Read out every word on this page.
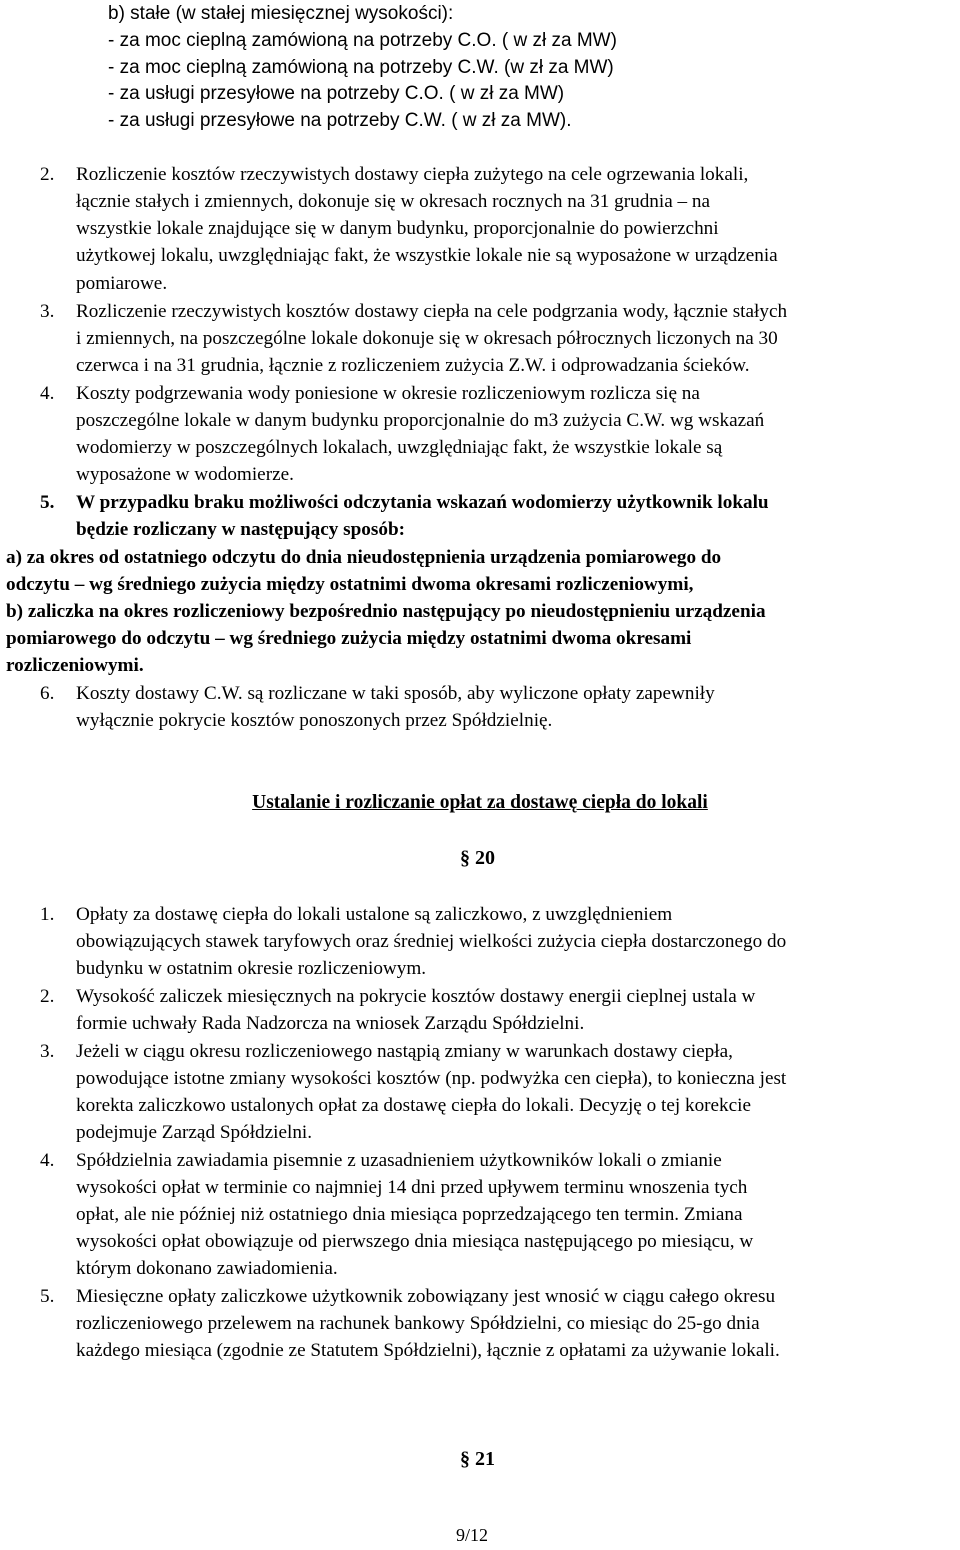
b) stałe (w stałej miesięcznej wysokości):
- za moc cieplną zamówioną na potrzeby C.O. ( w zł za MW)
- za moc cieplną zamówioną na potrzeby C.W. (w zł za MW)
- za usługi przesyłowe na potrzeby C.O. ( w zł za MW)
- za usługi przesyłowe na potrzeby C.W. ( w zł za MW).
2. Rozliczenie kosztów rzeczywistych dostawy ciepła zużytego na cele ogrzewania lokali,
łącznie stałych i zmiennych, dokonuje się w okresach rocznych na 31 grudnia – na
wszystkie lokale znajdujące się w danym budynku, proporcjonalnie do powierzchni
użytkowej lokalu, uwzględniając fakt, że wszystkie lokale nie są wyposażone w urządzenia
pomiarowe.
3. Rozliczenie rzeczywistych kosztów dostawy ciepła na cele podgrzania wody, łącznie stałych
i zmiennych, na poszczególne lokale dokonuje się w okresach półrocznych liczonych na 30
czerwca i na 31 grudnia, łącznie z rozliczeniem zużycia Z.W. i odprowadzania ścieków.
4. Koszty podgrzewania wody poniesione w okresie rozliczeniowym rozlicza się na
poszczególne lokale w danym budynku proporcjonalnie do m3 zużycia C.W. wg wskazań
wodomierzy w poszczególnych lokalach, uwzględniając fakt, że wszystkie lokale są
wyposażone w wodomierze.
5. W przypadku braku możliwości odczytania wskazań wodomierzy użytkownik lokalu
będzie rozliczany w następujący sposób:
a) za okres od ostatniego odczytu do dnia nieudostępnienia urządzenia pomiarowego do
odczytu – wg średniego zużycia między ostatnimi dwoma okresami rozliczeniowymi,
b) zaliczka na okres rozliczeniowy bezpośrednio następujący po nieudostępnieniu urządzenia
pomiarowego do odczytu – wg średniego zużycia między ostatnimi dwoma okresami
rozliczeniowymi.
6. Koszty dostawy C.W. są rozliczane w taki sposób, aby wyliczone opłaty zapewniły
wyłącznie pokrycie kosztów ponoszonych przez Spółdzielnię.
Ustalanie i rozliczanie opłat za dostawę ciepła do lokali
§ 20
1. Opłaty za dostawę ciepła do lokali ustalone są zaliczkowo, z uwzględnieniem
obowiązujących stawek taryfowych oraz średniej wielkości zużycia ciepła dostarczonego do
budynku w ostatnim okresie rozliczeniowym.
2. Wysokość zaliczek miesięcznych na pokrycie kosztów dostawy energii cieplnej ustala w
formie uchwały Rada Nadzorcza na wniosek Zarządu Spółdzielni.
3. Jeżeli w ciągu okresu rozliczeniowego nastąpią zmiany w warunkach dostawy ciepła,
powodujące istotne zmiany wysokości kosztów (np. podwyżka cen ciepła), to konieczna jest
korekta zaliczkowo ustalonych opłat za dostawę ciepła do lokali. Decyzję o tej korekcie
podejmuje Zarząd Spółdzielni.
4. Spółdzielnia zawiadamia pisemnie z uzasadnieniem użytkowników lokali o zmianie
wysokości opłat w terminie co najmniej 14 dni przed upływem terminu wnoszenia tych
opłat, ale nie później niż ostatniego dnia miesiąca poprzedzającego ten termin. Zmiana
wysokości opłat obowiązuje od pierwszego dnia miesiąca następującego po miesiącu, w
którym dokonano zawiadomienia.
5. Miesięczne opłaty zaliczkowe użytkownik zobowiązany jest wnosić w ciągu całego okresu
rozliczeniowego przelewem na rachunek bankowy Spółdzielni, co miesiąc do 25-go dnia
każdego miesiąca (zgodnie ze Statutem Spółdzielni), łącznie z opłatami za używanie lokali.
§ 21
9/12
